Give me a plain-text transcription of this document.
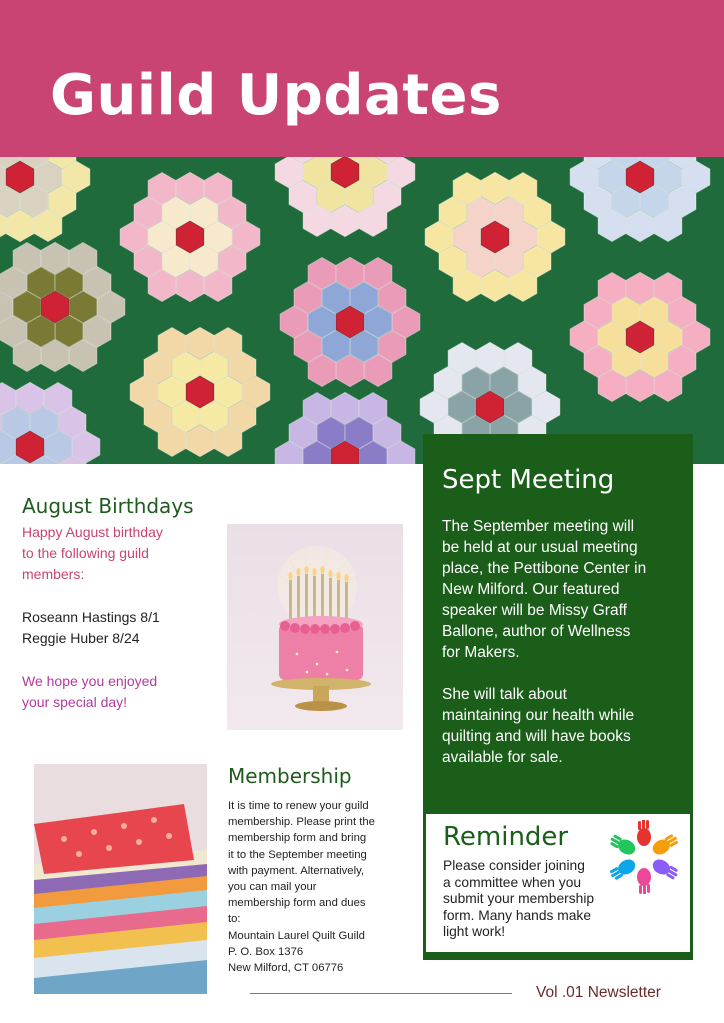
Guild Updates
August Birthdays
Happy August birthday
to the following guild
members:
Roseann Hastings 8/1
Reggie Huber 8/24
We hope you enjoyed
your special day!
Membership

It is time to renew your guild
membership. Please print the
membership form and bring
it to the September meeting
with payment. Alternatively,
you can mail your
membership form and dues
to:

Mountain Laurel Quilt Guild
P. O. Box 1376
New Milford, CT 06776
Sept Meeting

The September meeting will
be held at our usual meeting
place, the Pettibone Center in
New Milford. Our featured
speaker will be Missy Graff
Ballone, author of Wellness
for Makers.

She will talk about
maintaining our health while
quilting and will have books
available for sale.

Reminder

Please consider joining
a committee when you
submit your membership
form. Many hands make
light work!

Vol .01 Newsletter
